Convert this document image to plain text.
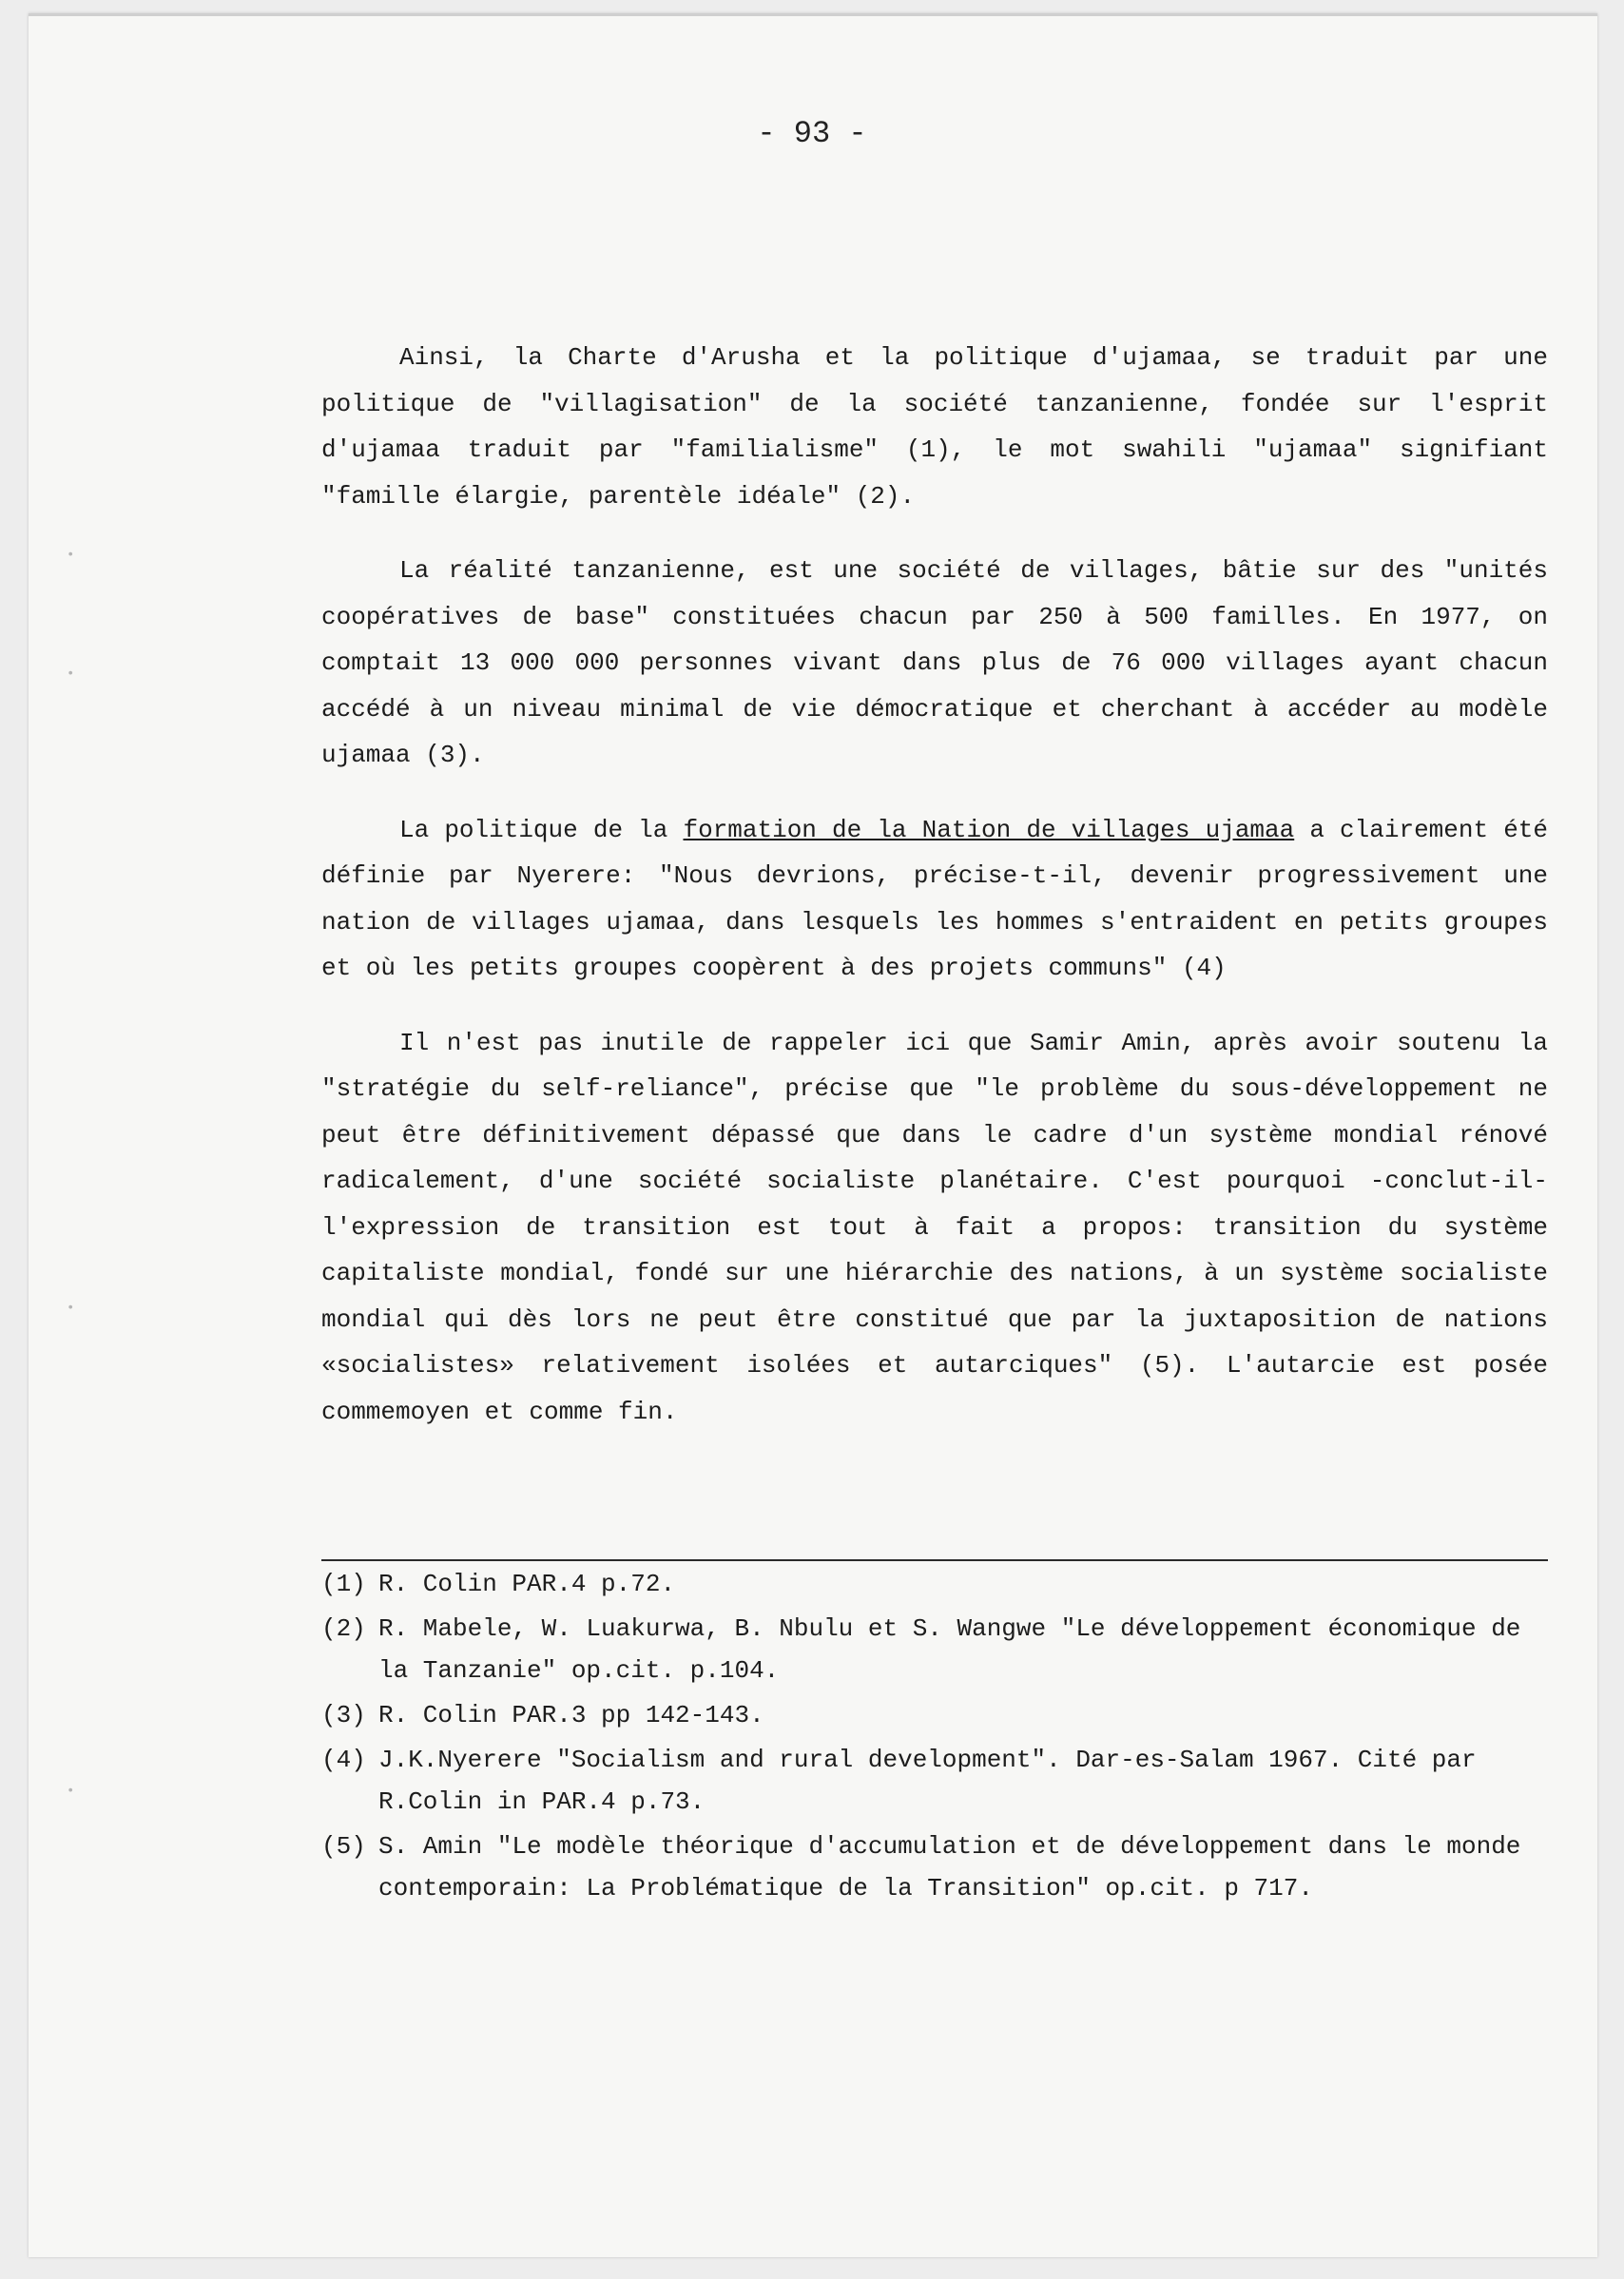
•
•
•
•
- 93 -

Ainsi, la Charte d'Arusha et la politique d'ujamaa, se traduit par une politique de "villagisation" de la société tanzanienne, fondée sur l'esprit d'ujamaa traduit par "familialisme" (1), le mot swahili "ujamaa" signifiant "famille élargie, parentèle idéale" (2).

La réalité tanzanienne, est une société de villages, bâtie sur des "unités coopératives de base" constituées chacun par 250 à 500 familles. En 1977, on comptait 13 000 000 personnes vivant dans plus de 76 000 villages ayant chacun accédé à un niveau minimal de vie démocratique et cherchant à accéder au modèle ujamaa (3).

La politique de la formation de la Nation de villages ujamaa a clairement été définie par Nyerere: "Nous devrions, précise-t-il, devenir progressivement une nation de villages ujamaa, dans lesquels les hommes s'entraident en petits groupes et où les petits groupes coopèrent à des projets communs" (4)

Il n'est pas inutile de rappeler ici que Samir Amin, après avoir soutenu la "stratégie du self-reliance", précise que "le problème du sous-développement ne peut être définitivement dépassé que dans le cadre d'un système mondial rénové radicalement, d'une société socialiste planétaire. C'est pourquoi -conclut-il- l'expression de transition est tout à fait a propos: transition du système capitaliste mondial, fondé sur une hiérarchie des nations, à un système socialiste mondial qui dès lors ne peut être constitué que par la juxtaposition de nations «socialistes» relativement isolées et autarciques" (5). L'autarcie est posée commemoyen et comme fin.

(1) R. Colin PAR.4 p.72.
(2) R. Mabele, W. Luakurwa, B. Nbulu et S. Wangwe "Le développement économique de la Tanzanie" op.cit. p.104.
(3) R. Colin PAR.3 pp 142-143.
(4) J.K.Nyerere "Socialism and rural development". Dar-es-Salam 1967. Cité par R.Colin in PAR.4 p.73.
(5) S. Amin "Le modèle théorique d'accumulation et de développement dans le monde contemporain: La Problématique de la Transition" op.cit. p 717.
